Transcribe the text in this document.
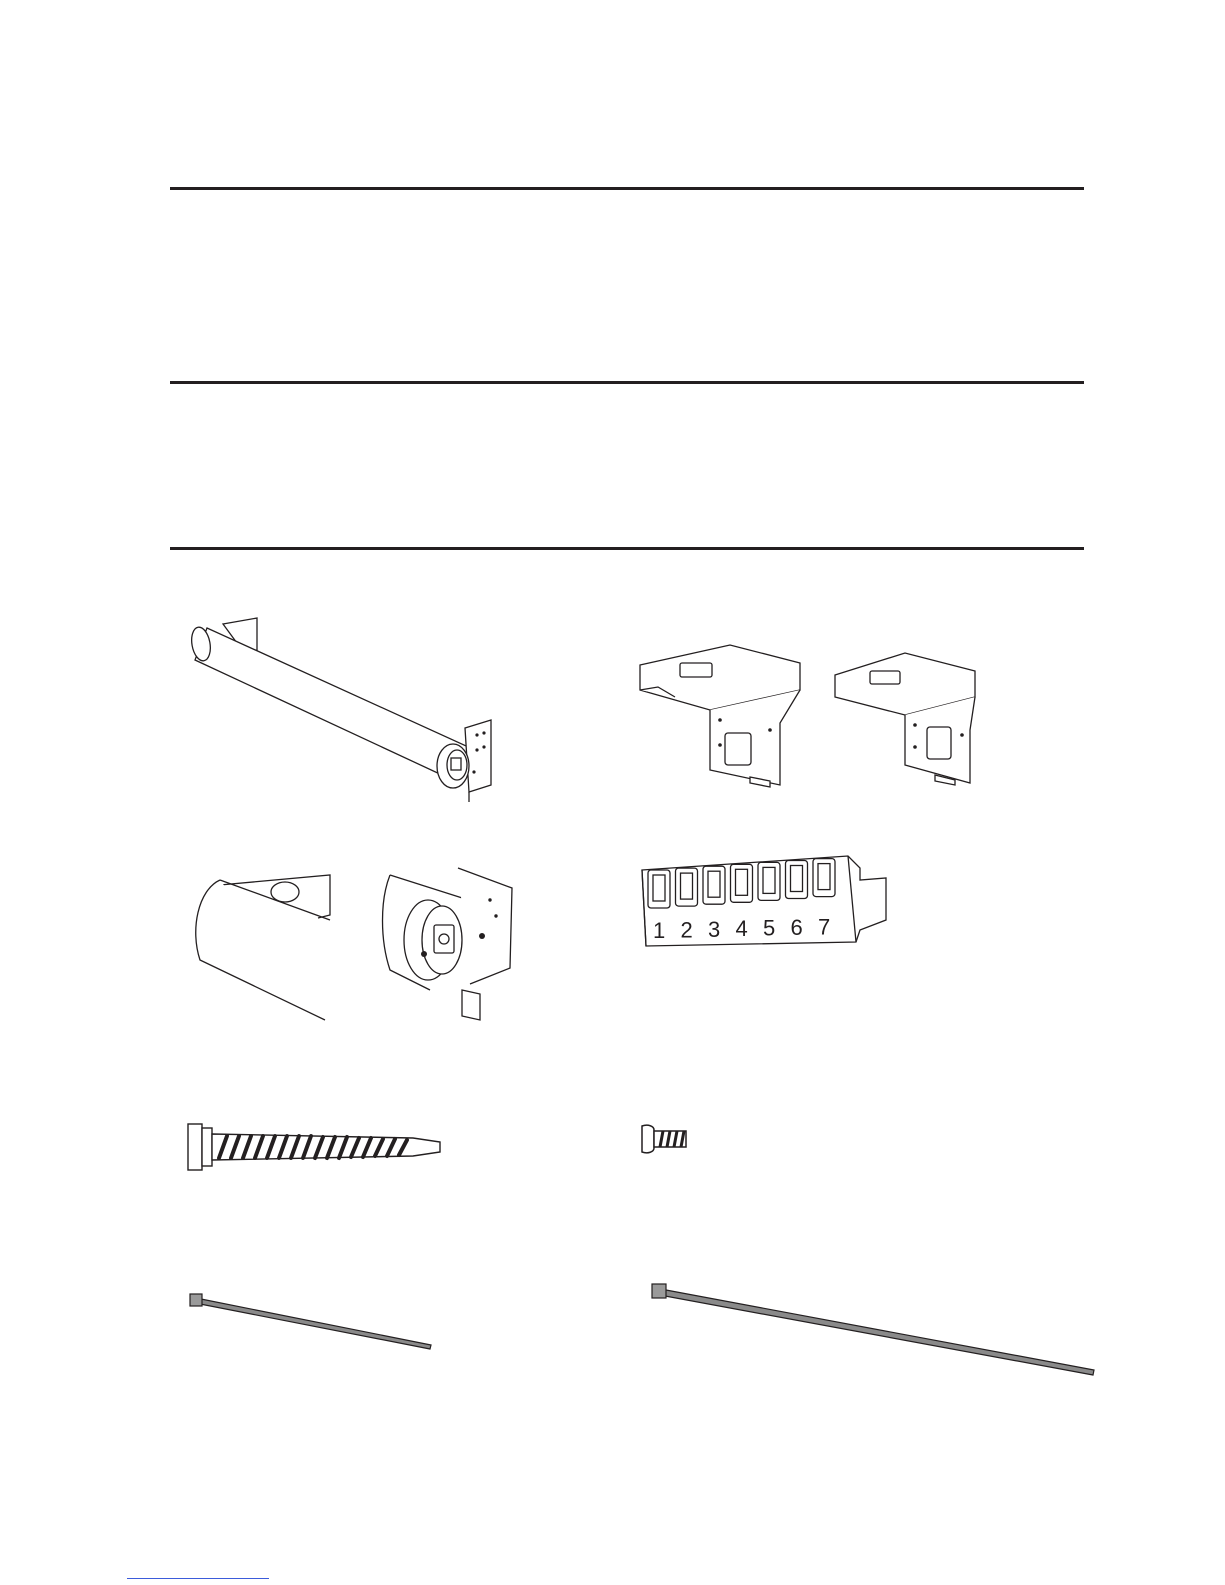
1 2 3 4 5 6 7
